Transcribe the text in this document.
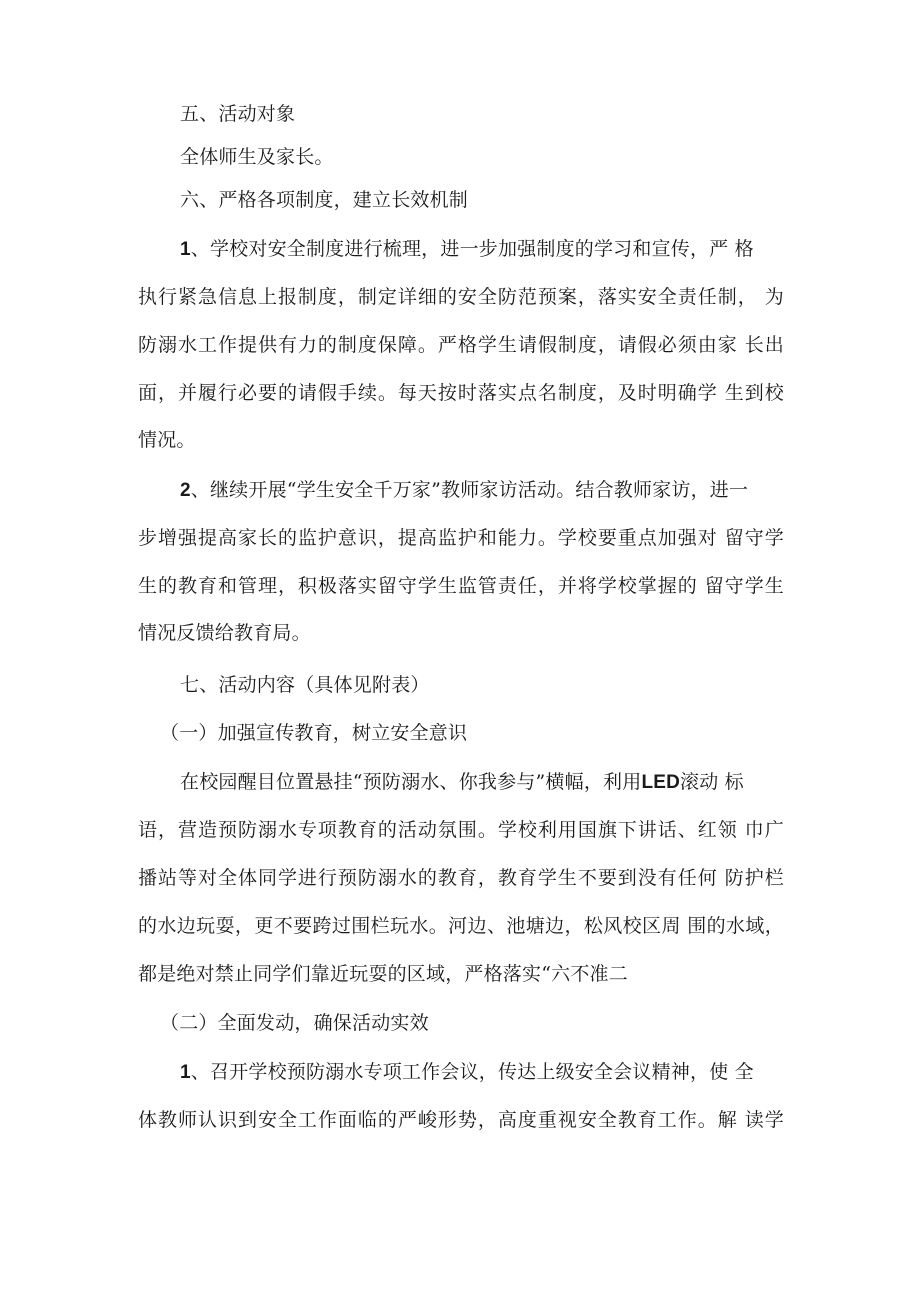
五、活动对象
全体师生及家长。
六、严格各项制度，建立长效机制
1、学校对安全制度进行梳理，进一步加强制度的学习和宣传，严 格
执行紧急信息上报制度，制定详细的安全防范预案，落实安全责任制， 为
防溺水工作提供有力的制度保障。严格学生请假制度，请假必须由家 长出
面，并履行必要的请假手续。每天按时落实点名制度，及时明确学 生到校
情况。
2、继续开展“学生安全千万家”教师家访活动。结合教师家访，进一
步增强提高家长的监护意识，提高监护和能力。学校要重点加强对 留守学
生的教育和管理，积极落实留守学生监管责任，并将学校掌握的 留守学生
情况反馈给教育局。
七、活动内容（具体见附表）
（一）加强宣传教育，树立安全意识
在校园醒目位置悬挂“预防溺水、你我参与”横幅，利用LED滚动 标
语，营造预防溺水专项教育的活动氛围。学校利用国旗下讲话、红领 巾广
播站等对全体同学进行预防溺水的教育，教育学生不要到没有任何 防护栏
的水边玩耍，更不要跨过围栏玩水。河边、池塘边，松风校区周 围的水域，
都是绝对禁止同学们靠近玩耍的区域，严格落实“六不准二
（二）全面发动，确保活动实效
1、召开学校预防溺水专项工作会议，传达上级安全会议精神，使 全
体教师认识到安全工作面临的严峻形势，高度重视安全教育工作。解 读学
